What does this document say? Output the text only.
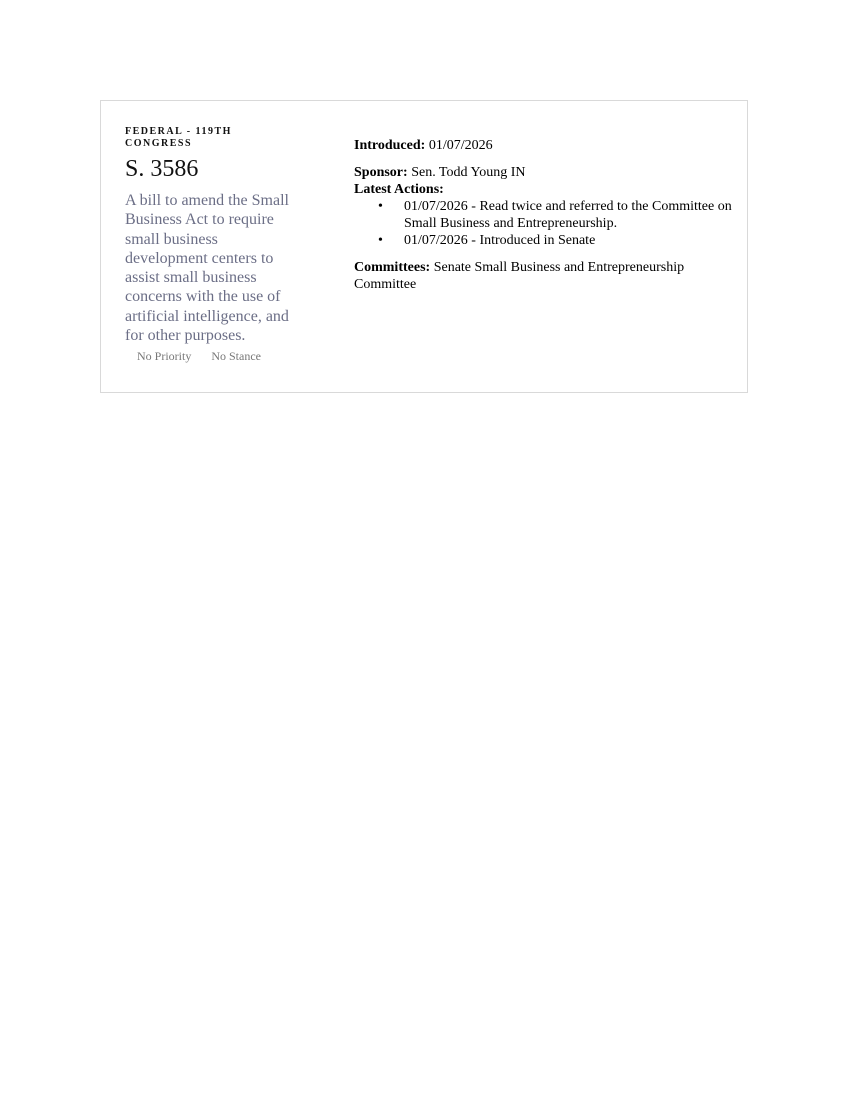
FEDERAL - 119TH CONGRESS
S. 3586
A bill to amend the Small Business Act to require small business development centers to assist small business concerns with the use of artificial intelligence, and for other purposes.
No Priority No Stance
Introduced: 01/07/2026
Sponsor: Sen. Todd Young IN
Latest Actions:
• 01/07/2026 - Read twice and referred to the Committee on Small Business and Entrepreneurship.
• 01/07/2026 - Introduced in Senate
Committees: Senate Small Business and Entrepreneurship Committee
